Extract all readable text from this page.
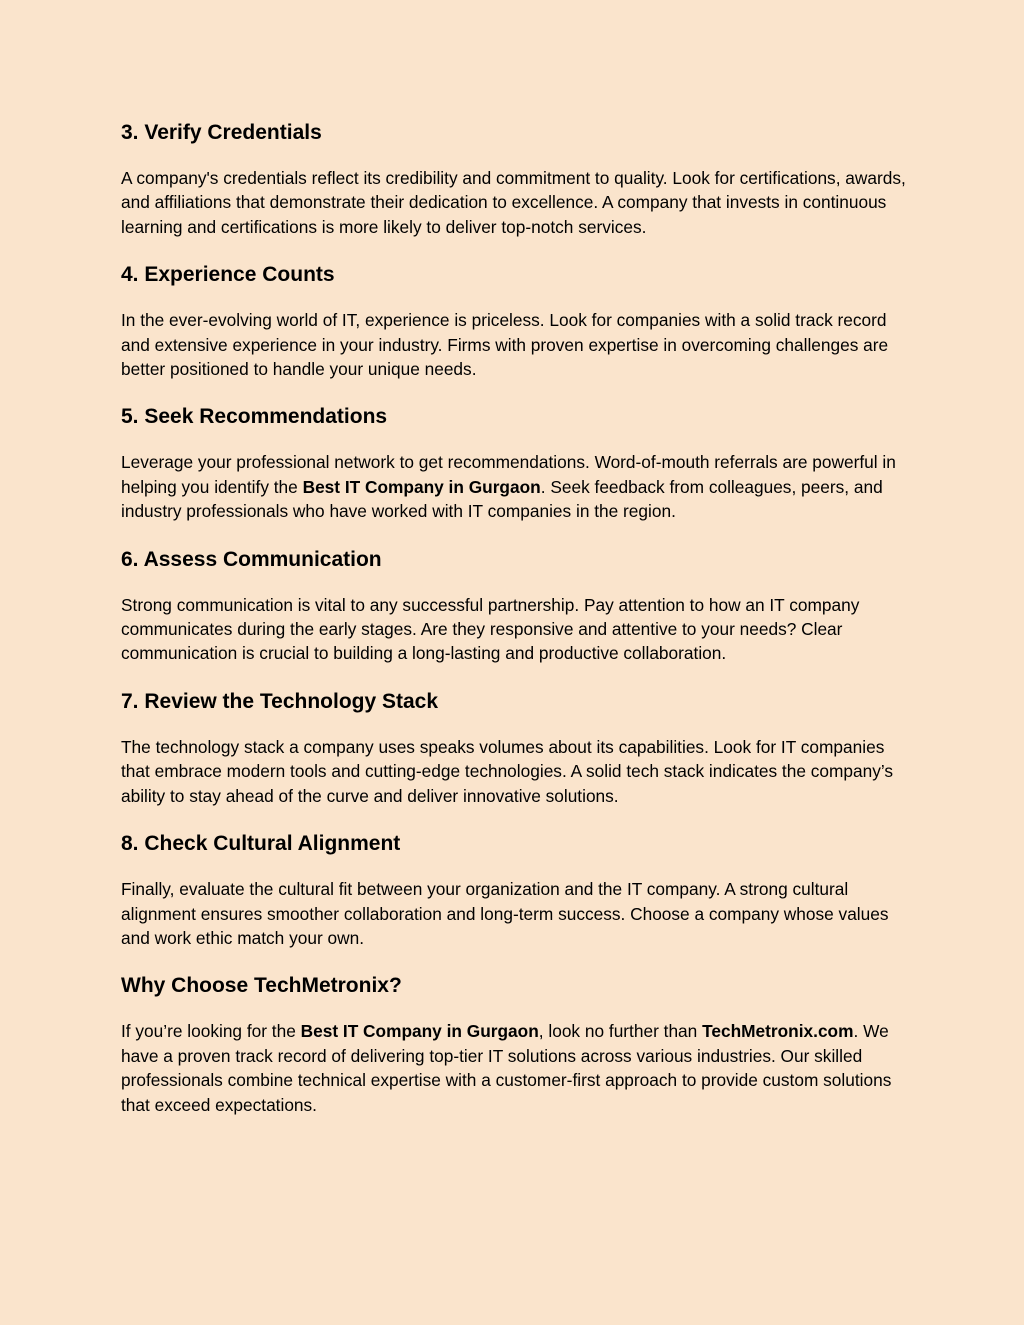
3. Verify Credentials

A company's credentials reflect its credibility and commitment to quality. Look for certifications, awards, and affiliations that demonstrate their dedication to excellence. A company that invests in continuous learning and certifications is more likely to deliver top-notch services.

4. Experience Counts

In the ever-evolving world of IT, experience is priceless. Look for companies with a solid track record and extensive experience in your industry. Firms with proven expertise in overcoming challenges are better positioned to handle your unique needs.

5. Seek Recommendations

Leverage your professional network to get recommendations. Word-of-mouth referrals are powerful in helping you identify the Best IT Company in Gurgaon. Seek feedback from colleagues, peers, and industry professionals who have worked with IT companies in the region.

6. Assess Communication

Strong communication is vital to any successful partnership. Pay attention to how an IT company communicates during the early stages. Are they responsive and attentive to your needs? Clear communication is crucial to building a long-lasting and productive collaboration.

7. Review the Technology Stack

The technology stack a company uses speaks volumes about its capabilities. Look for IT companies that embrace modern tools and cutting-edge technologies. A solid tech stack indicates the company’s ability to stay ahead of the curve and deliver innovative solutions.

8. Check Cultural Alignment

Finally, evaluate the cultural fit between your organization and the IT company. A strong cultural alignment ensures smoother collaboration and long-term success. Choose a company whose values and work ethic match your own.

Why Choose TechMetronix?

If you’re looking for the Best IT Company in Gurgaon, look no further than TechMetronix.com. We have a proven track record of delivering top-tier IT solutions across various industries. Our skilled professionals combine technical expertise with a customer-first approach to provide custom solutions that exceed expectations.
